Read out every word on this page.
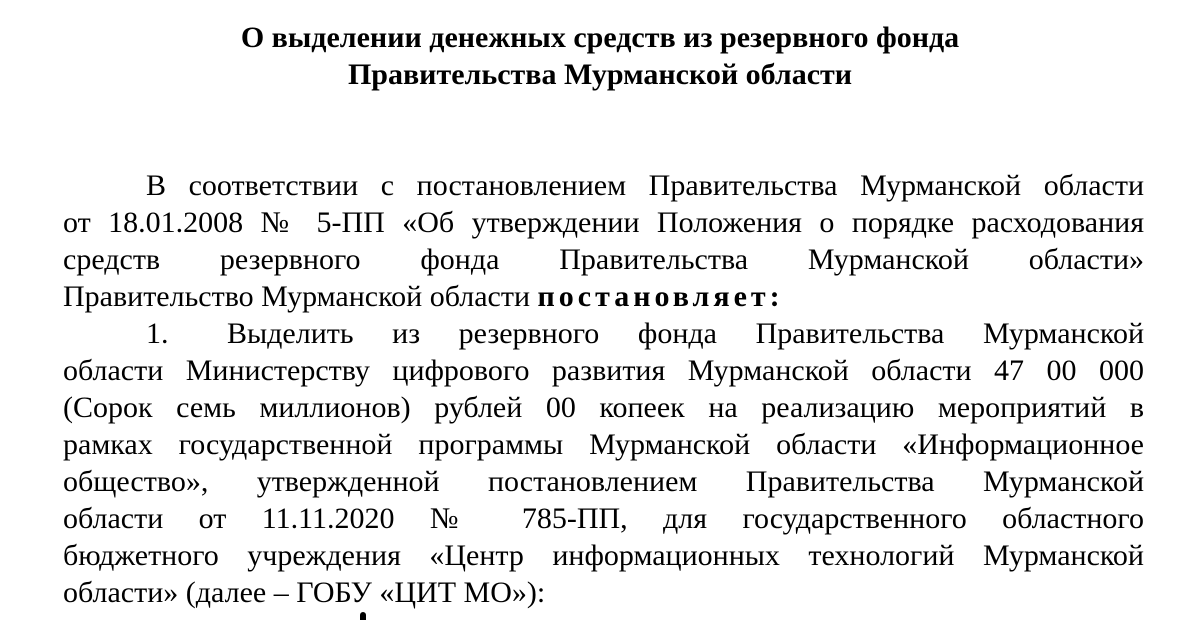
О выделении денежных средств из резервного фонда
Правительства Мурманской области
В соответствии с постановлением Правительства Мурманской области
от 18.01.2008 № 5-ПП «Об утверждении Положения о порядке расходования
средств резервного фонда Правительства Мурманской области»
Правительство Мурманской области постановляет:
1. Выделить из резервного фонда Правительства Мурманской
области Министерству цифрового развития Мурманской области 47 00 000
(Сорок семь миллионов) рублей 00 копеек на реализацию мероприятий в
рамках государственной программы Мурманской области «Информационное
общество», утвержденной постановлением Правительства Мурманской
области от 11.11.2020 № 785-ПП, для государственного областного
бюджетного учреждения «Центр информационных технологий Мурманской
области» (далее – ГОБУ «ЦИТ МО»):
